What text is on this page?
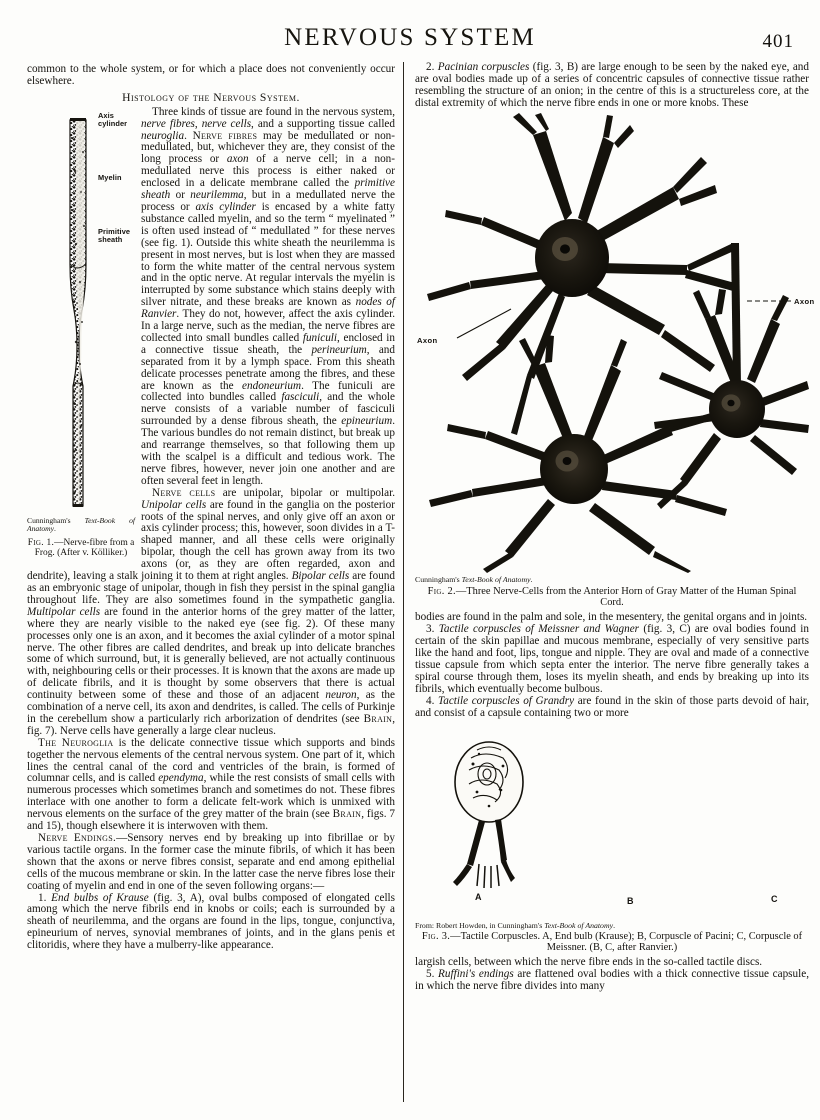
NERVOUS SYSTEM	401

common to the whole system, or for which a place does not conveniently occur elsewhere.

Histology of the Nervous System.

Axis cylinder
Myelin
Primitive sheath

Cunningham's Text-Book of Anatomy.

Fig. 1.—Nerve-fibre from a Frog. (After v. Kölliker.)

Three kinds of tissue are found in the nervous system, nerve fibres, nerve cells, and a supporting tissue called neuroglia. Nerve fibres may be medullated or non-medullated, but, whichever they are, they consist of the long process or axon of a nerve cell; in a non-medullated nerve this process is either naked or enclosed in a delicate membrane called the primitive sheath or neurilemma, but in a medullated nerve the process or axis cylinder is encased by a white fatty substance called myelin, and so the term “ myelinated ” is often used instead of “ medullated ” for these nerves (see fig. 1). Outside this white sheath the neurilemma is present in most nerves, but is lost when they are massed to form the white matter of the central nervous system and in the optic nerve. At regular intervals the myelin is interrupted by some substance which stains deeply with silver nitrate, and these breaks are known as nodes of Ranvier. They do not, however, affect the axis cylinder. In a large nerve, such as the median, the nerve fibres are collected into small bundles called funiculi, enclosed in a connective tissue sheath, the perineurium, and separated from it by a lymph space. From this sheath delicate processes penetrate among the fibres, and these are known as the endoneurium. The funiculi are collected into bundles called fasciculi, and the whole nerve consists of a variable number of fasciculi surrounded by a dense fibrous sheath, the epineurium. The various bundles do not remain distinct, but break up and rearrange themselves, so that following them up with the scalpel is a difficult and tedious work. The nerve fibres, however, never join one another and are often several feet in length.

Nerve cells are unipolar, bipolar or multipolar. Unipolar cells are found in the ganglia on the posterior roots of the spinal nerves, and only give off an axon or axis cylinder process; this, however, soon divides in a T-shaped manner, and all these cells were originally bipolar, though the cell has grown away from its two axons (or, as they are often regarded, axon and dendrite), leaving a stalk joining it to them at right angles. Bipolar cells are found as an embryonic stage of unipolar, though in fish they persist in the spinal ganglia throughout life. They are also sometimes found in the sympathetic ganglia. Multipolar cells are found in the anterior horns of the grey matter of the latter, where they are nearly visible to the naked eye (see fig. 2). Of these many processes only one is an axon, and it becomes the axial cylinder of a motor spinal nerve. The other fibres are called dendrites, and break up into delicate branches some of which surround, but, it is generally believed, are not actually continuous with, neighbouring cells or their processes. It is known that the axons are made up of delicate fibrils, and it is thought by some observers that there is actual continuity between some of these and those of an adjacent neuron, as the combination of a nerve cell, its axon and dendrites, is called. The cells of Purkinje in the cerebellum show a particularly rich arborization of dendrites (see Brain, fig. 7). Nerve cells have generally a large clear nucleus.

The Neuroglia is the delicate connective tissue which supports and binds together the nervous elements of the central nervous system. One part of it, which lines the central canal of the cord and ventricles of the brain, is formed of columnar cells, and is called ependyma, while the rest consists of small cells with numerous processes which sometimes branch and sometimes do not. These fibres interlace with one another to form a delicate felt-work which is unmixed with nervous elements on the surface of the grey matter of the brain (see Brain, figs. 7 and 15), though elsewhere it is interwoven with them.

Nerve Endings.—Sensory nerves end by breaking up into fibrillae or by various tactile organs. In the former case the minute fibrils, of which it has been shown that the axons or nerve fibres consist, separate and end among epithelial cells of the mucous membrane or skin. In the latter case the nerve fibres lose their coating of myelin and end in one of the seven following organs:—

1. End bulbs of Krause (fig. 3, A), oval bulbs composed of elongated cells among which the nerve fibrils end in knobs or coils; each is surrounded by a sheath of neurilemma, and the organs are found in the lips, tongue, conjunctiva, epineurium of nerves, synovial membranes of joints, and in the glans penis et clitoridis, where they have a mulberry-like appearance.

2. Pacinian corpuscles (fig. 3, B) are large enough to be seen by the naked eye, and are oval bodies made up of a series of concentric capsules of connective tissue rather resembling the structure of an onion; in the centre of this is a structureless core, at the distal extremity of which the nerve fibre ends in one or more knobs. These

Axon
Axon

Cunningham's Text-Book of Anatomy.

Fig. 2.—Three Nerve-Cells from the Anterior Horn of Gray Matter of the Human Spinal Cord.

bodies are found in the palm and sole, in the mesentery, the genital organs and in joints.

3. Tactile corpuscles of Meissner and Wagner (fig. 3, C) are oval bodies found in certain of the skin papillae and mucous membrane, especially of very sensitive parts like the hand and foot, lips, tongue and nipple. They are oval and made of a connective tissue capsule from which septa enter the interior. The nerve fibre generally takes a spiral course through them, loses its myelin sheath, and ends by breaking up into its fibrils, which eventually become bulbous.

4. Tactile corpuscles of Grandry are found in the skin of those parts devoid of hair, and consist of a capsule containing two or more

A	B	C

From: Robert Howden, in Cunningham's Text-Book of Anatomy.

Fig. 3.—Tactile Corpuscles. A, End bulb (Krause); B, Corpuscle of Pacini; C, Corpuscle of Meissner. (B, C, after Ranvier.)

largish cells, between which the nerve fibre ends in the so-called tactile discs.

5. Ruffini's endings are flattened oval bodies with a thick connective tissue capsule, in which the nerve fibre divides into many
